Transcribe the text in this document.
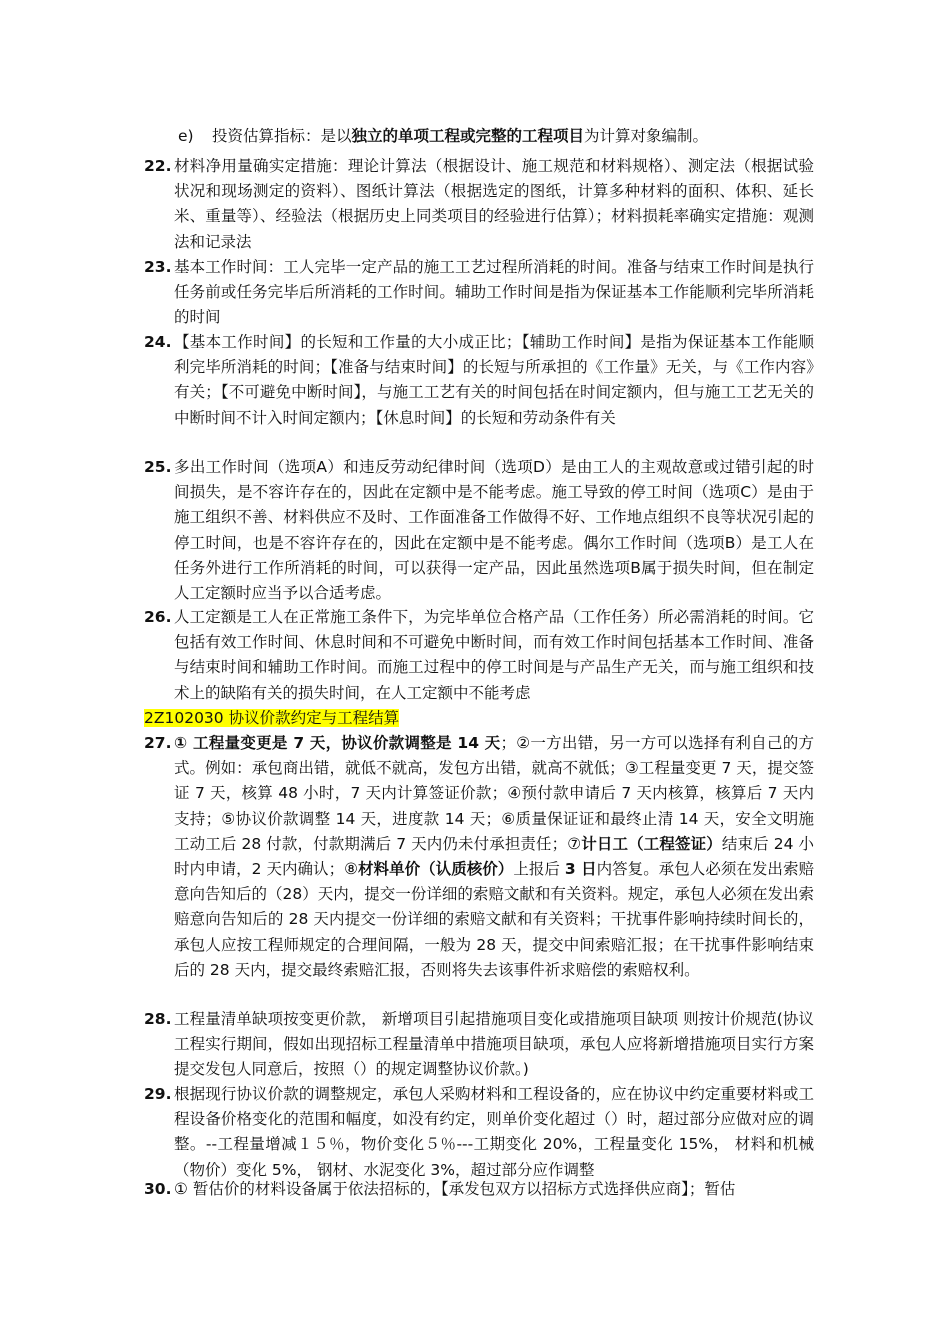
e) 投资估算指标：是以独立的单项工程或完整的工程项目为计算对象编制。
22. 材料净用量确实定措施：理论计算法（根据设计、施工规范和材料规格）、测定法（根据试验状况和现场测定的资料）、图纸计算法（根据选定的图纸，计算多种材料的面积、体积、延长米、重量等）、经验法（根据历史上同类项目的经验进行估算）；材料损耗率确实定措施：观测法和记录法
23. 基本工作时间：工人完毕一定产品的施工工艺过程所消耗的时间。准备与结束工作时间是执行任务前或任务完毕后所消耗的工作时间。辅助工作时间是指为保证基本工作能顺利完毕所消耗的时间
24. 【基本工作时间】的长短和工作量的大小成正比；【辅助工作时间】是指为保证基本工作能顺利完毕所消耗的时间；【准备与结束时间】的长短与所承担的《工作量》无关，与《工作内容》有关；【不可避免中断时间】，与施工工艺有关的时间包括在时间定额内，但与施工工艺无关的中断时间不计入时间定额内；【休息时间】的长短和劳动条件有关
25. 多出工作时间（选项A）和违反劳动纪律时间（选项D）是由工人的主观故意或过错引起的时间损失，是不容许存在的，因此在定额中是不能考虑。施工导致的停工时间（选项C）是由于施工组织不善、材料供应不及时、工作面准备工作做得不好、工作地点组织不良等状况引起的停工时间，也是不容许存在的，因此在定额中是不能考虑。偶尔工作时间（选项B）是工人在任务外进行工作所消耗的时间，可以获得一定产品，因此虽然选项B属于损失时间，但在制定人工定额时应当予以合适考虑。
26. 人工定额是工人在正常施工条件下，为完毕单位合格产品（工作任务）所必需消耗的时间。它包括有效工作时间、休息时间和不可避免中断时间，而有效工作时间包括基本工作时间、准备与结束时间和辅助工作时间。而施工过程中的停工时间是与产品生产无关，而与施工组织和技术上的缺陷有关的损失时间，在人工定额中不能考虑
2Z102030 协议价款约定与工程结算
27. ① 工程量变更是 7 天，协议价款调整是 14 天；②一方出错，另一方可以选择有利自己的方式。例如：承包商出错，就低不就高，发包方出错，就高不就低；③工程量变更 7 天，提交签证 7 天，核算 48 小时，7 天内计算签证价款；④预付款申请后 7 天内核算，核算后 7 天内支持；⑤协议价款调整 14 天，进度款 14 天；⑥质量保证证和最终止清 14 天，安全文明施工动工后 28 付款，付款期满后 7 天内仍未付承担责任；⑦计日工（工程签证）结束后 24 小时内申请，2 天内确认；⑧材料单价（认质核价）上报后 3 日内答复。承包人必须在发出索赔意向告知后的（28）天内，提交一份详细的索赔文献和有关资料。规定，承包人必须在发出索赔意向告知后的 28 天内提交一份详细的索赔文献和有关资料；干扰事件影响持续时间长的，承包人应按工程师规定的合理间隔，一般为 28 天，提交中间索赔汇报；在干扰事件影响结束后的 28 天内，提交最终索赔汇报，否则将失去该事件祈求赔偿的索赔权利。
28. 工程量清单缺项按变更价款， 新增项目引起措施项目变化或措施项目缺项 则按计价规范(协议工程实行期间，假如出现招标工程量清单中措施项目缺项，承包人应将新增措施项目实行方案提交发包人同意后，按照（）的规定调整协议价款。)
29. 根据现行协议价款的调整规定，承包人采购材料和工程设备的，应在协议中约定重要材料或工程设备价格变化的范围和幅度，如没有约定，则单价变化超过（）时，超过部分应做对应的调整。--工程量增减１５％，物价变化５％---工期变化 20%，工程量变化 15%， 材料和机械（物价）变化 5%， 钢材、水泥变化 3%，超过部分应作调整
30. ① 暂估价的材料设备属于依法招标的，【承发包双方以招标方式选择供应商】；暂估
